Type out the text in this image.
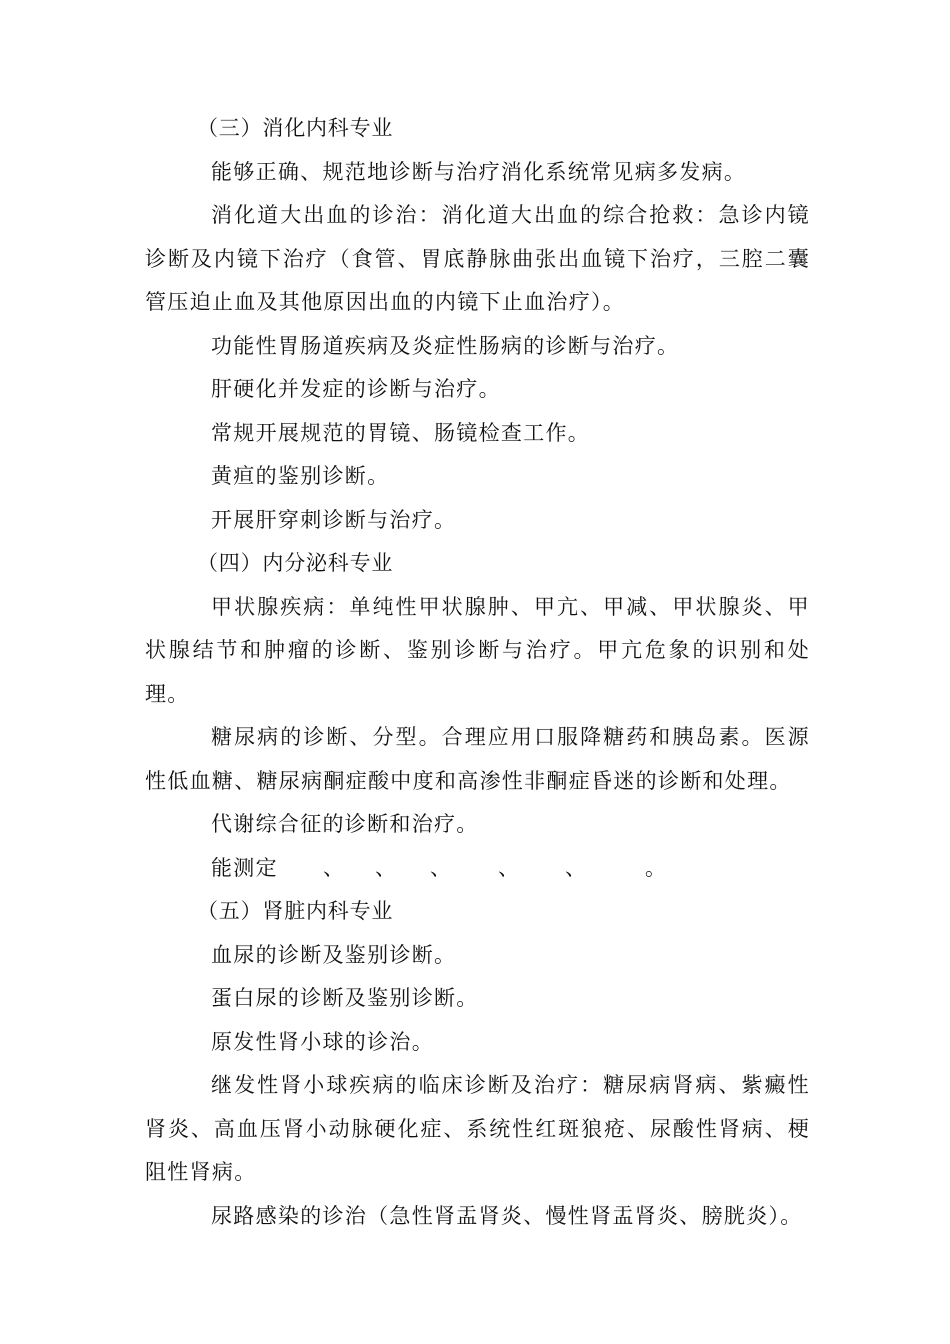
（三）消化内科专业

能够正确、规范地诊断与治疗消化系统常见病多发病。

消化道大出血的诊治：消化道大出血的综合抢救：急诊内镜诊断及内镜下治疗（食管、胃底静脉曲张出血镜下治疗，三腔二囊管压迫止血及其他原因出血的内镜下止血治疗）。

功能性胃肠道疾病及炎症性肠病的诊断与治疗。

肝硬化并发症的诊断与治疗。

常规开展规范的胃镜、肠镜检查工作。

黄疸的鉴别诊断。

开展肝穿刺诊断与治疗。

（四）内分泌科专业

甲状腺疾病：单纯性甲状腺肿、甲亢、甲减、甲状腺炎、甲状腺结节和肿瘤的诊断、鉴别诊断与治疗。甲亢危象的识别和处理。

糖尿病的诊断、分型。合理应用口服降糖药和胰岛素。医源性低血糖、糖尿病酮症酸中度和高渗性非酮症昏迷的诊断和处理。

代谢综合征的诊断和治疗。

能测定 、 、 、 、 、	。

（五）肾脏内科专业

血尿的诊断及鉴别诊断。

蛋白尿的诊断及鉴别诊断。

原发性肾小球的诊治。

继发性肾小球疾病的临床诊断及治疗：糖尿病肾病、紫癜性肾炎、高血压肾小动脉硬化症、系统性红斑狼疮、尿酸性肾病、梗阻性肾病。

尿路感染的诊治（急性肾盂肾炎、慢性肾盂肾炎、膀胱炎）。
